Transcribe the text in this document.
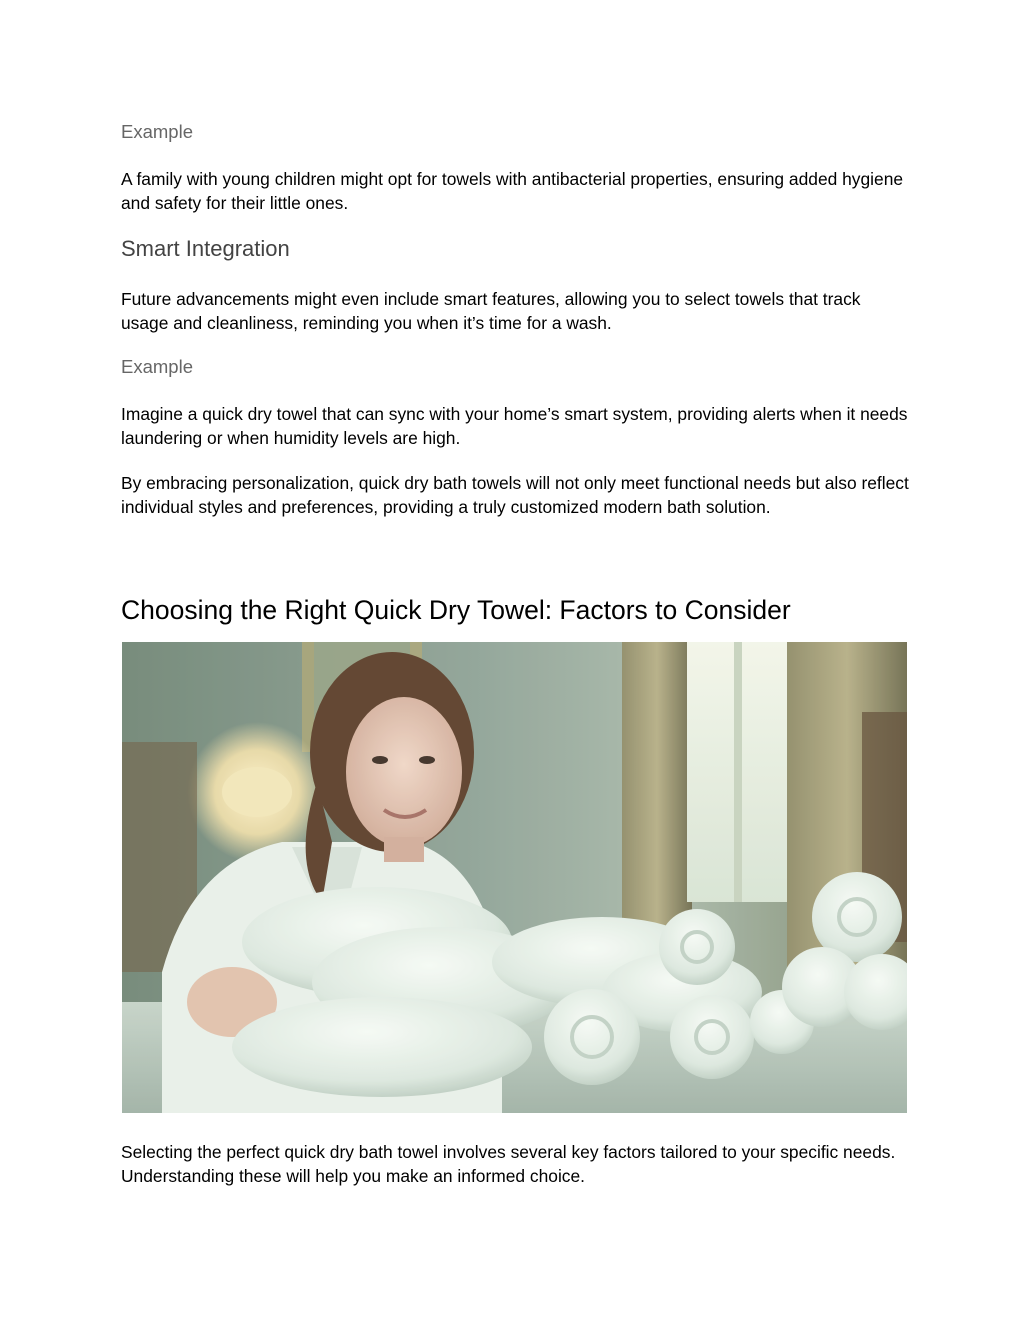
Example

A family with young children might opt for towels with antibacterial properties, ensuring added hygiene and safety for their little ones.

Smart Integration

Future advancements might even include smart features, allowing you to select towels that track usage and cleanliness, reminding you when it’s time for a wash.

Example

Imagine a quick dry towel that can sync with your home’s smart system, providing alerts when it needs laundering or when humidity levels are high.

By embracing personalization, quick dry bath towels will not only meet functional needs but also reflect individual styles and preferences, providing a truly customized modern bath solution.

Choosing the Right Quick Dry Towel: Factors to Consider

Selecting the perfect quick dry bath towel involves several key factors tailored to your specific needs. Understanding these will help you make an informed choice.
